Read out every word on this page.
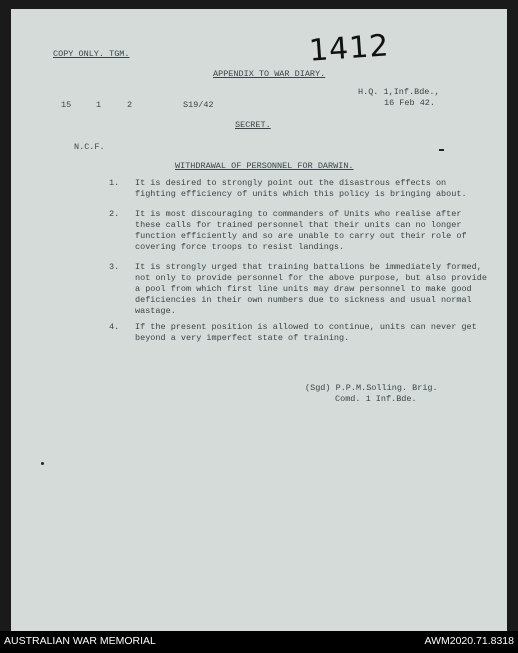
1412
COPY ONLY. TGM.
APPENDIX TO WAR DIARY.
H.Q. 1,Inf.Bde.,
16 Feb 42.
15	1	2	S19/42
SECRET.
N.C.F.
WITHDRAWAL OF PERSONNEL FOR DARWIN.
1. It is desired to strongly point out the disastrous effects on
fighting efficiency of units which this policy is bringing about.
2. It is most discouraging to commanders of Units who realise after
these calls for trained personnel that their units can no longer
function efficiently and so are unable to carry out their role of
covering force troops to resist landings.
3. It is strongly urged that training battalions be immediately formed,
not only to provide personnel for the above purpose, but also provide
a pool from which first line units may draw personnel to make good
deficiencies in their own numbers due to sickness and usual normal
wastage.
4. If the present position is allowed to continue, units can never get
beyond a very imperfect state of training.
(Sgd) P.P.M.Solling. Brig.
Comd. 1 Inf.Bde.
AUSTRALIAN WAR MEMORIAL	AWM2020.71.8318
